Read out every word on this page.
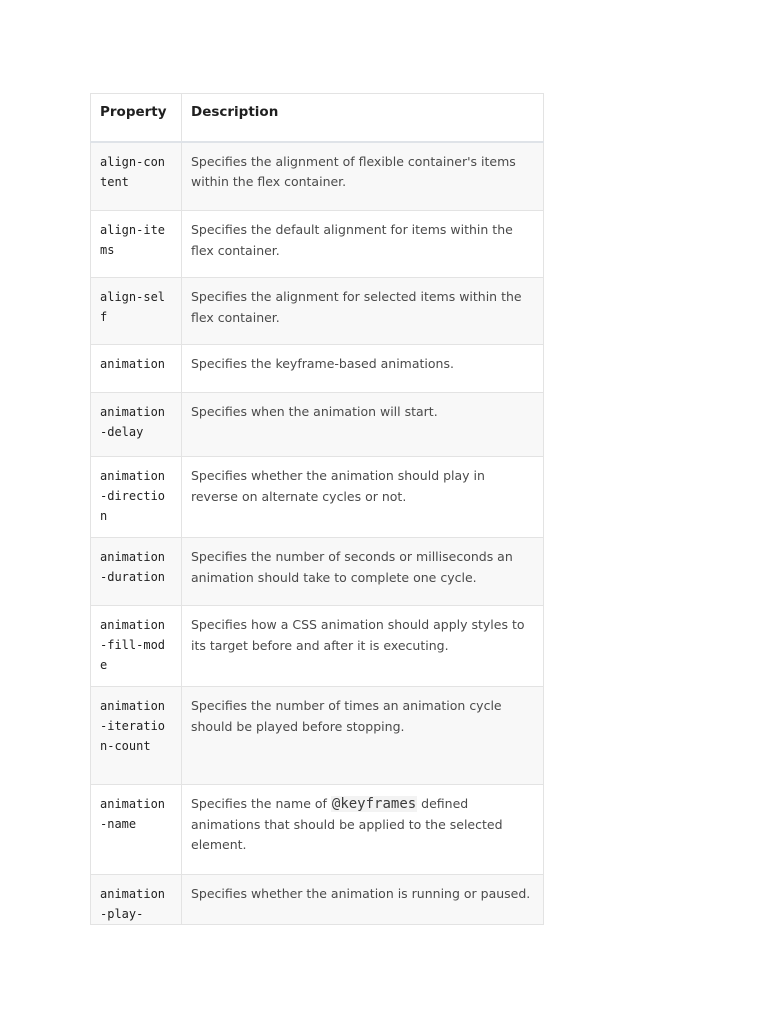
Property	Description
align-content	Specifies the alignment of flexible container's items within the flex container.
align-items	Specifies the default alignment for items within the flex container.
align-self	Specifies the alignment for selected items within the flex container.
animation	Specifies the keyframe-based animations.
animation-delay	Specifies when the animation will start.
animation-direction	Specifies whether the animation should play in reverse on alternate cycles or not.
animation-duration	Specifies the number of seconds or milliseconds an animation should take to complete one cycle.
animation-fill-mode	Specifies how a CSS animation should apply styles to its target before and after it is executing.
animation-iteration-count	Specifies the number of times an animation cycle should be played before stopping.
animation-name	Specifies the name of @keyframes defined animations that should be applied to the selected element.
animation-play-	Specifies whether the animation is running or paused.
